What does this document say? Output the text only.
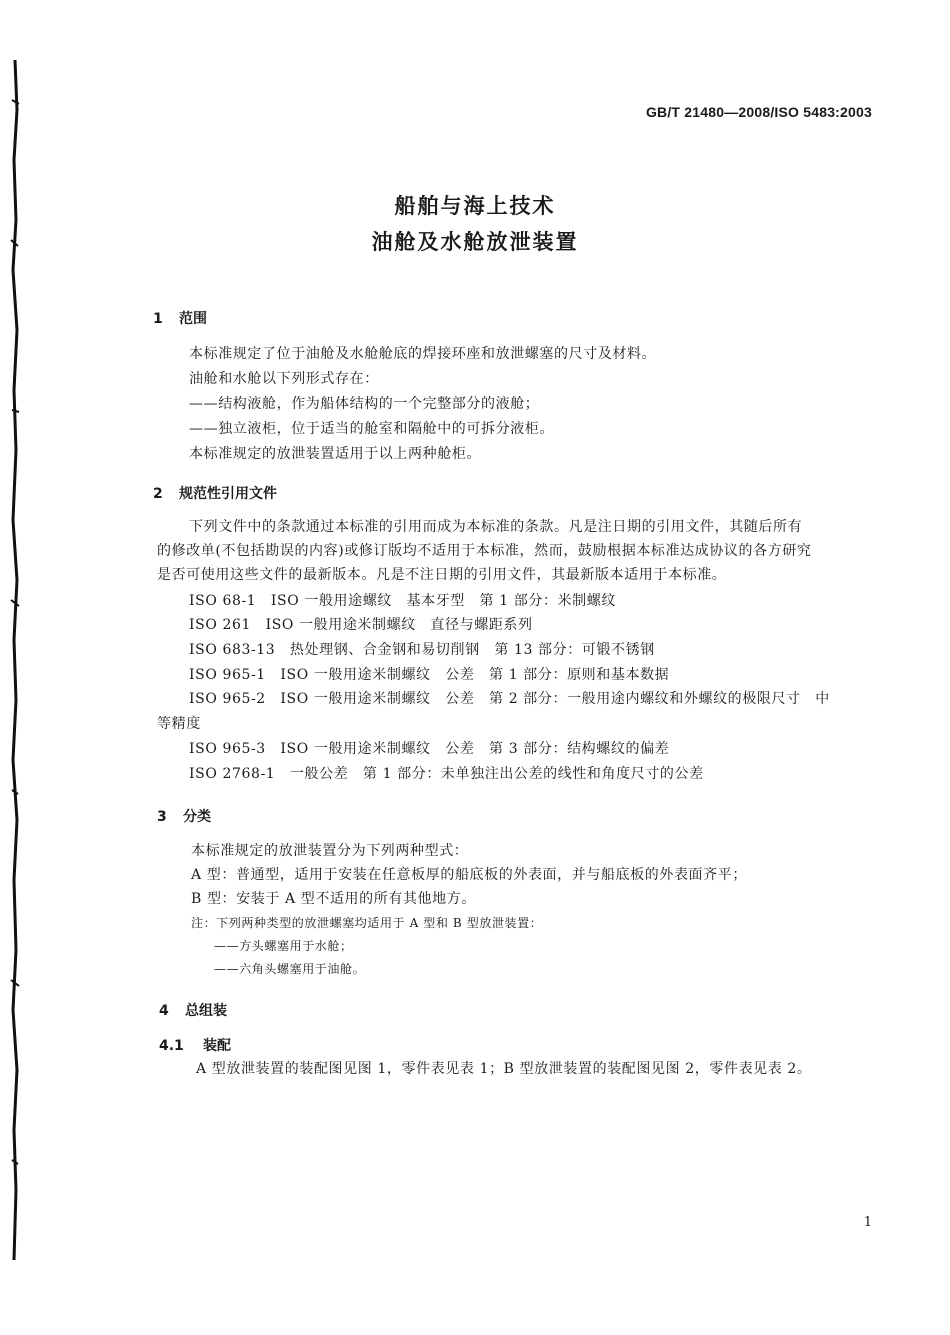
GB/T 21480—2008/ISO 5483:2003
船舶与海上技术
油舱及水舱放泄装置
1 范围
本标准规定了位于油舱及水舱舱底的焊接环座和放泄螺塞的尺寸及材料。
油舱和水舱以下列形式存在：
——结构液舱，作为船体结构的一个完整部分的液舱；
——独立液柜，位于适当的舱室和隔舱中的可拆分液柜。
本标准规定的放泄装置适用于以上两种舱柜。
2 规范性引用文件
下列文件中的条款通过本标准的引用而成为本标准的条款。凡是注日期的引用文件，其随后所有
的修改单(不包括勘误的内容)或修订版均不适用于本标准，然而，鼓励根据本标准达成协议的各方研究
是否可使用这些文件的最新版本。凡是不注日期的引用文件，其最新版本适用于本标准。
ISO 68-1　ISO 一般用途螺纹　基本牙型　第 1 部分：米制螺纹
ISO 261　ISO 一般用途米制螺纹　直径与螺距系列
ISO 683-13　热处理钢、合金钢和易切削钢　第 13 部分：可锻不锈钢
ISO 965-1　ISO 一般用途米制螺纹　公差　第 1 部分：原则和基本数据
ISO 965-2　ISO 一般用途米制螺纹　公差　第 2 部分：一般用途内螺纹和外螺纹的极限尺寸　中
等精度
ISO 965-3　ISO 一般用途米制螺纹　公差　第 3 部分：结构螺纹的偏差
ISO 2768-1　一般公差　第 1 部分：未单独注出公差的线性和角度尺寸的公差
3 分类
本标准规定的放泄装置分为下列两种型式：
A 型：普通型，适用于安装在任意板厚的船底板的外表面，并与船底板的外表面齐平；
B 型：安装于 A 型不适用的所有其他地方。
注：下列两种类型的放泄螺塞均适用于 A 型和 B 型放泄装置：
——方头螺塞用于水舱；
——六角头螺塞用于油舱。
4 总组装
4.1 装配
A 型放泄装置的装配图见图 1，零件表见表 1；B 型放泄装置的装配图见图 2，零件表见表 2。
1
